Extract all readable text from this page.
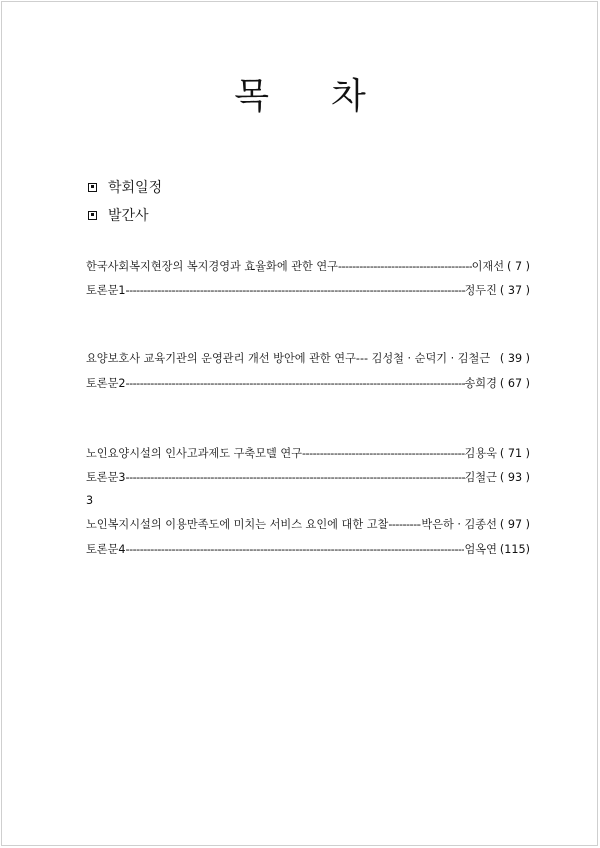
목 차
학회일정
발간사
한국사회복지현장의 복지경영과 효율화에 관한 연구 -----	이재선 ( 7 )
토론문1 -----	정두진 ( 37 )
요양보호사 교육기관의 운영관리 개선 방안에 관한 연구--- 김성철 · 순덕기 · 김철근 ( 39 )
토론문2 -----	송희경 ( 67 )
노인요양시설의 인사고과제도 구축모델 연구 -----	김용욱 ( 71 )
토론문3 -----	김철근 ( 93 )
3
노인복지시설의 이용만족도에 미치는 서비스 요인에 대한 고찰 -----	박은하 · 김종선 ( 97 )
토론문4 -----	엄옥연 (115)
